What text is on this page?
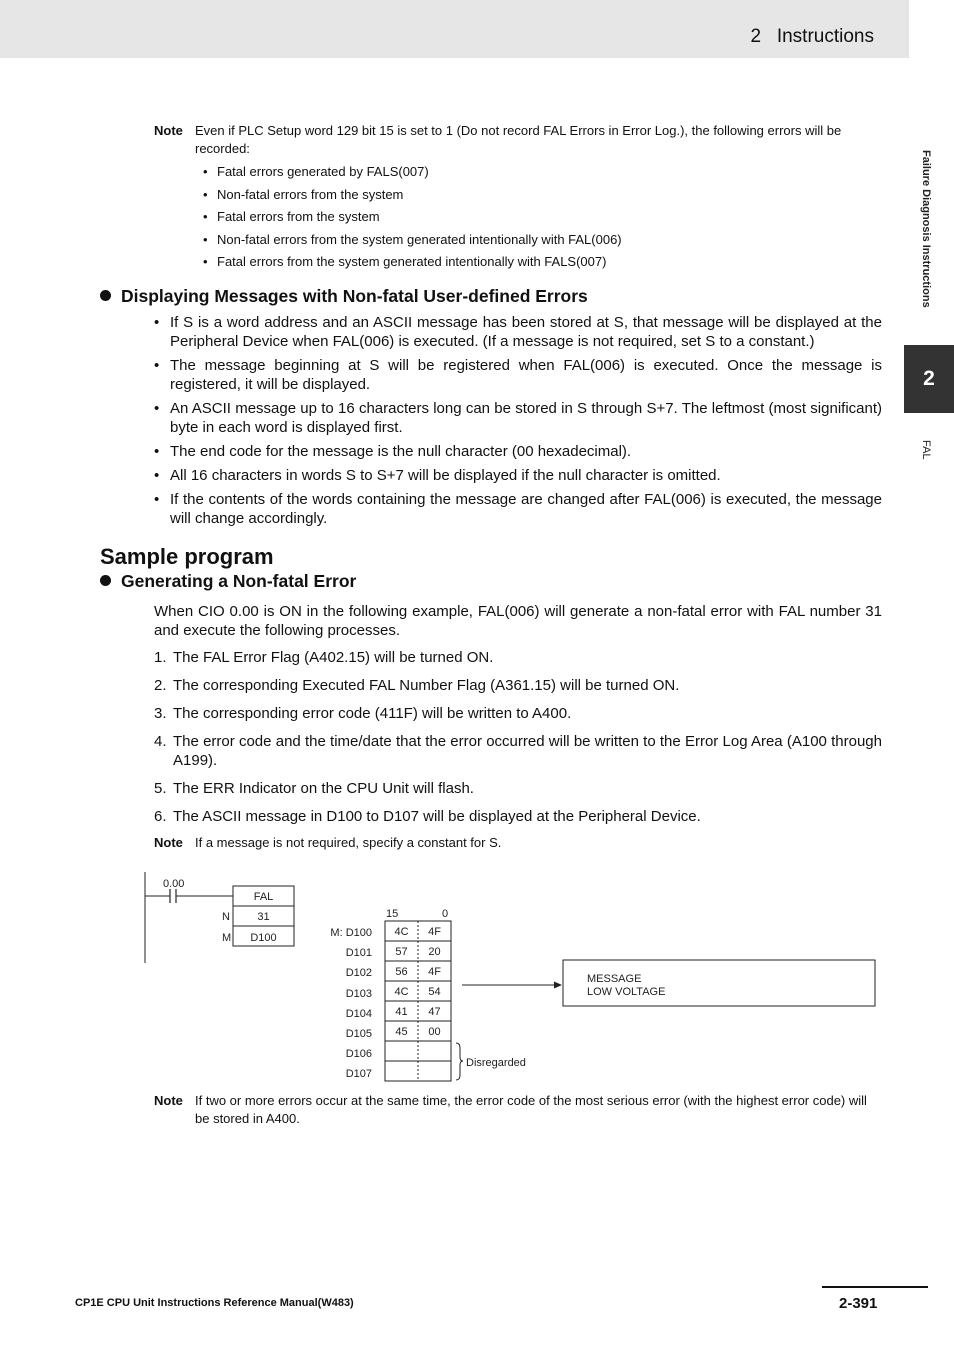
2   Instructions
Failure Diagnosis Instructions
2
FAL
Note Even if PLC Setup word 129 bit 15 is set to 1 (Do not record FAL Errors in Error Log.), the following errors will be recorded:
• Fatal errors generated by FALS(007)
• Non-fatal errors from the system
• Fatal errors from the system
• Non-fatal errors from the system generated intentionally with FAL(006)
• Fatal errors from the system generated intentionally with FALS(007)
Displaying Messages with Non-fatal User-defined Errors
• If S is a word address and an ASCII message has been stored at S, that message will be displayed at the Peripheral Device when FAL(006) is executed. (If a message is not required, set S to a constant.)
• The message beginning at S will be registered when FAL(006) is executed. Once the message is registered, it will be displayed.
• An ASCII message up to 16 characters long can be stored in S through S+7. The leftmost (most significant) byte in each word is displayed first.
• The end code for the message is the null character (00 hexadecimal).
• All 16 characters in words S to S+7 will be displayed if the null character is omitted.
• If the contents of the words containing the message are changed after FAL(006) is executed, the message will change accordingly.
Sample program
Generating a Non-fatal Error
When CIO 0.00 is ON in the following example, FAL(006) will generate a non-fatal error with FAL number 31 and execute the following processes.
1. The FAL Error Flag (A402.15) will be turned ON.
2. The corresponding Executed FAL Number Flag (A361.15) will be turned ON.
3. The corresponding error code (411F) will be written to A400.
4. The error code and the time/date that the error occurred will be written to the Error Log Area (A100 through A199).
5. The ERR Indicator on the CPU Unit will flash.
6. The ASCII message in D100 to D107 will be displayed at the Peripheral Device.
Note If a message is not required, specify a constant for S.
0.00
FAL
31
D100
N
M
15	0
M: D100
D101
D102
D103
D104
D105
D106
D107
4C 4F
57 20
56 4F
4C 54
41 47
45 00
Disregarded
MESSAGE
LOW VOLTAGE
Note If two or more errors occur at the same time, the error code of the most serious error (with the highest error code) will be stored in A400.
CP1E CPU Unit Instructions Reference Manual(W483)	2-391
